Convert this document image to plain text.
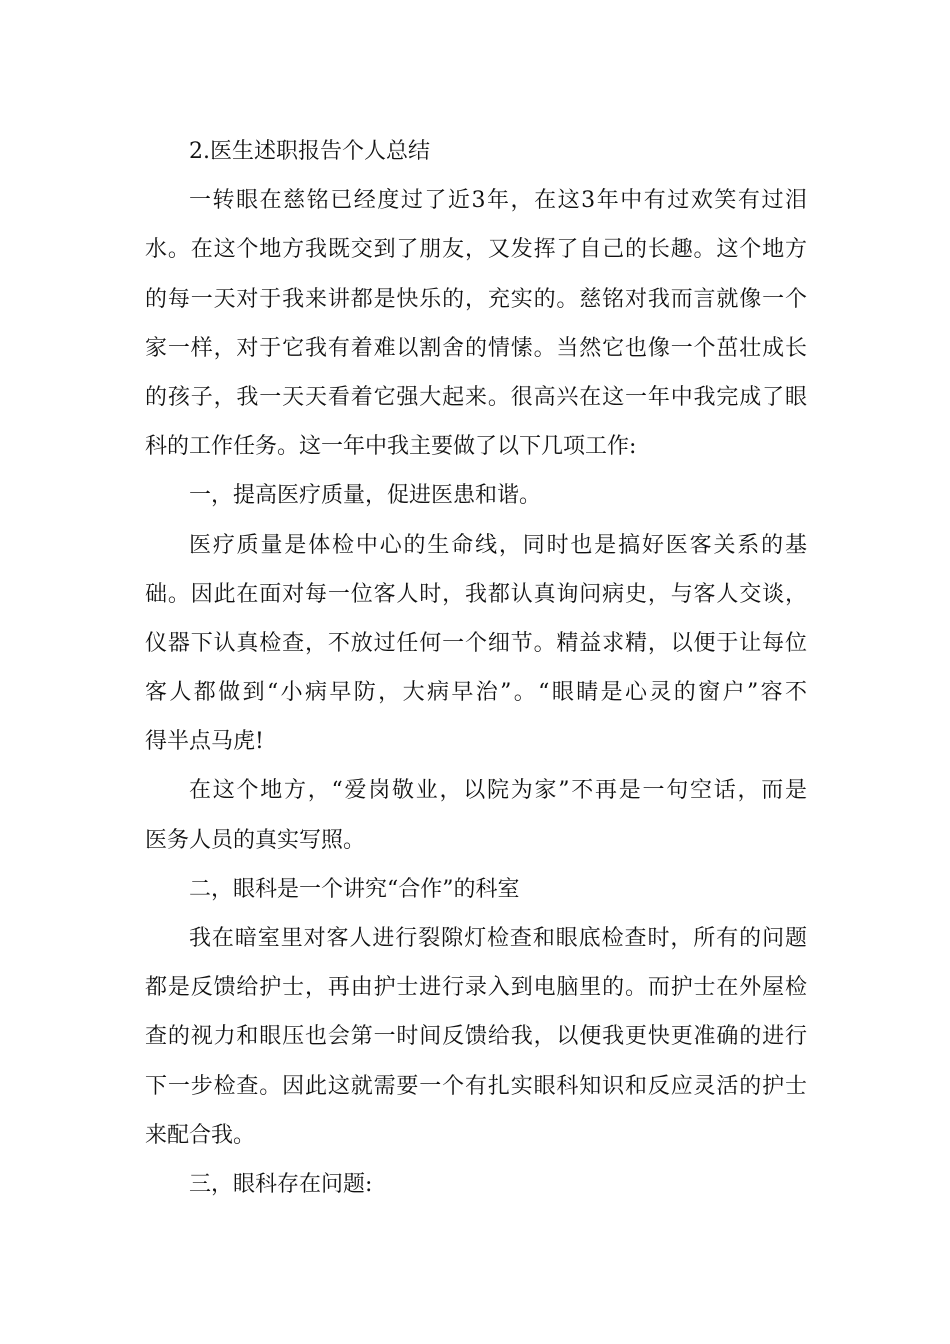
2.医生述职报告个人总结
一转眼在慈铭已经度过了近3年，在这3年中有过欢笑有过泪
水。在这个地方我既交到了朋友，又发挥了自己的长趣。这个地方
的每一天对于我来讲都是快乐的，充实的。慈铭对我而言就像一个
家一样，对于它我有着难以割舍的情愫。当然它也像一个茁壮成长
的孩子，我一天天看着它强大起来。很高兴在这一年中我完成了眼
科的工作任务。这一年中我主要做了以下几项工作:
一，提高医疗质量，促进医患和谐。
医疗质量是体检中心的生命线，同时也是搞好医客关系的基
础。因此在面对每一位客人时，我都认真询问病史，与客人交谈，
仪器下认真检查，不放过任何一个细节。精益求精，以便于让每位
客人都做到“小病早防，大病早治”。“眼睛是心灵的窗户”容不
得半点马虎!
在这个地方，“爱岗敬业，以院为家”不再是一句空话，而是
医务人员的真实写照。
二，眼科是一个讲究“合作”的科室
我在暗室里对客人进行裂隙灯检查和眼底检查时，所有的问题
都是反馈给护士，再由护士进行录入到电脑里的。而护士在外屋检
查的视力和眼压也会第一时间反馈给我，以便我更快更准确的进行
下一步检查。因此这就需要一个有扎实眼科知识和反应灵活的护士
来配合我。
三，眼科存在问题:
